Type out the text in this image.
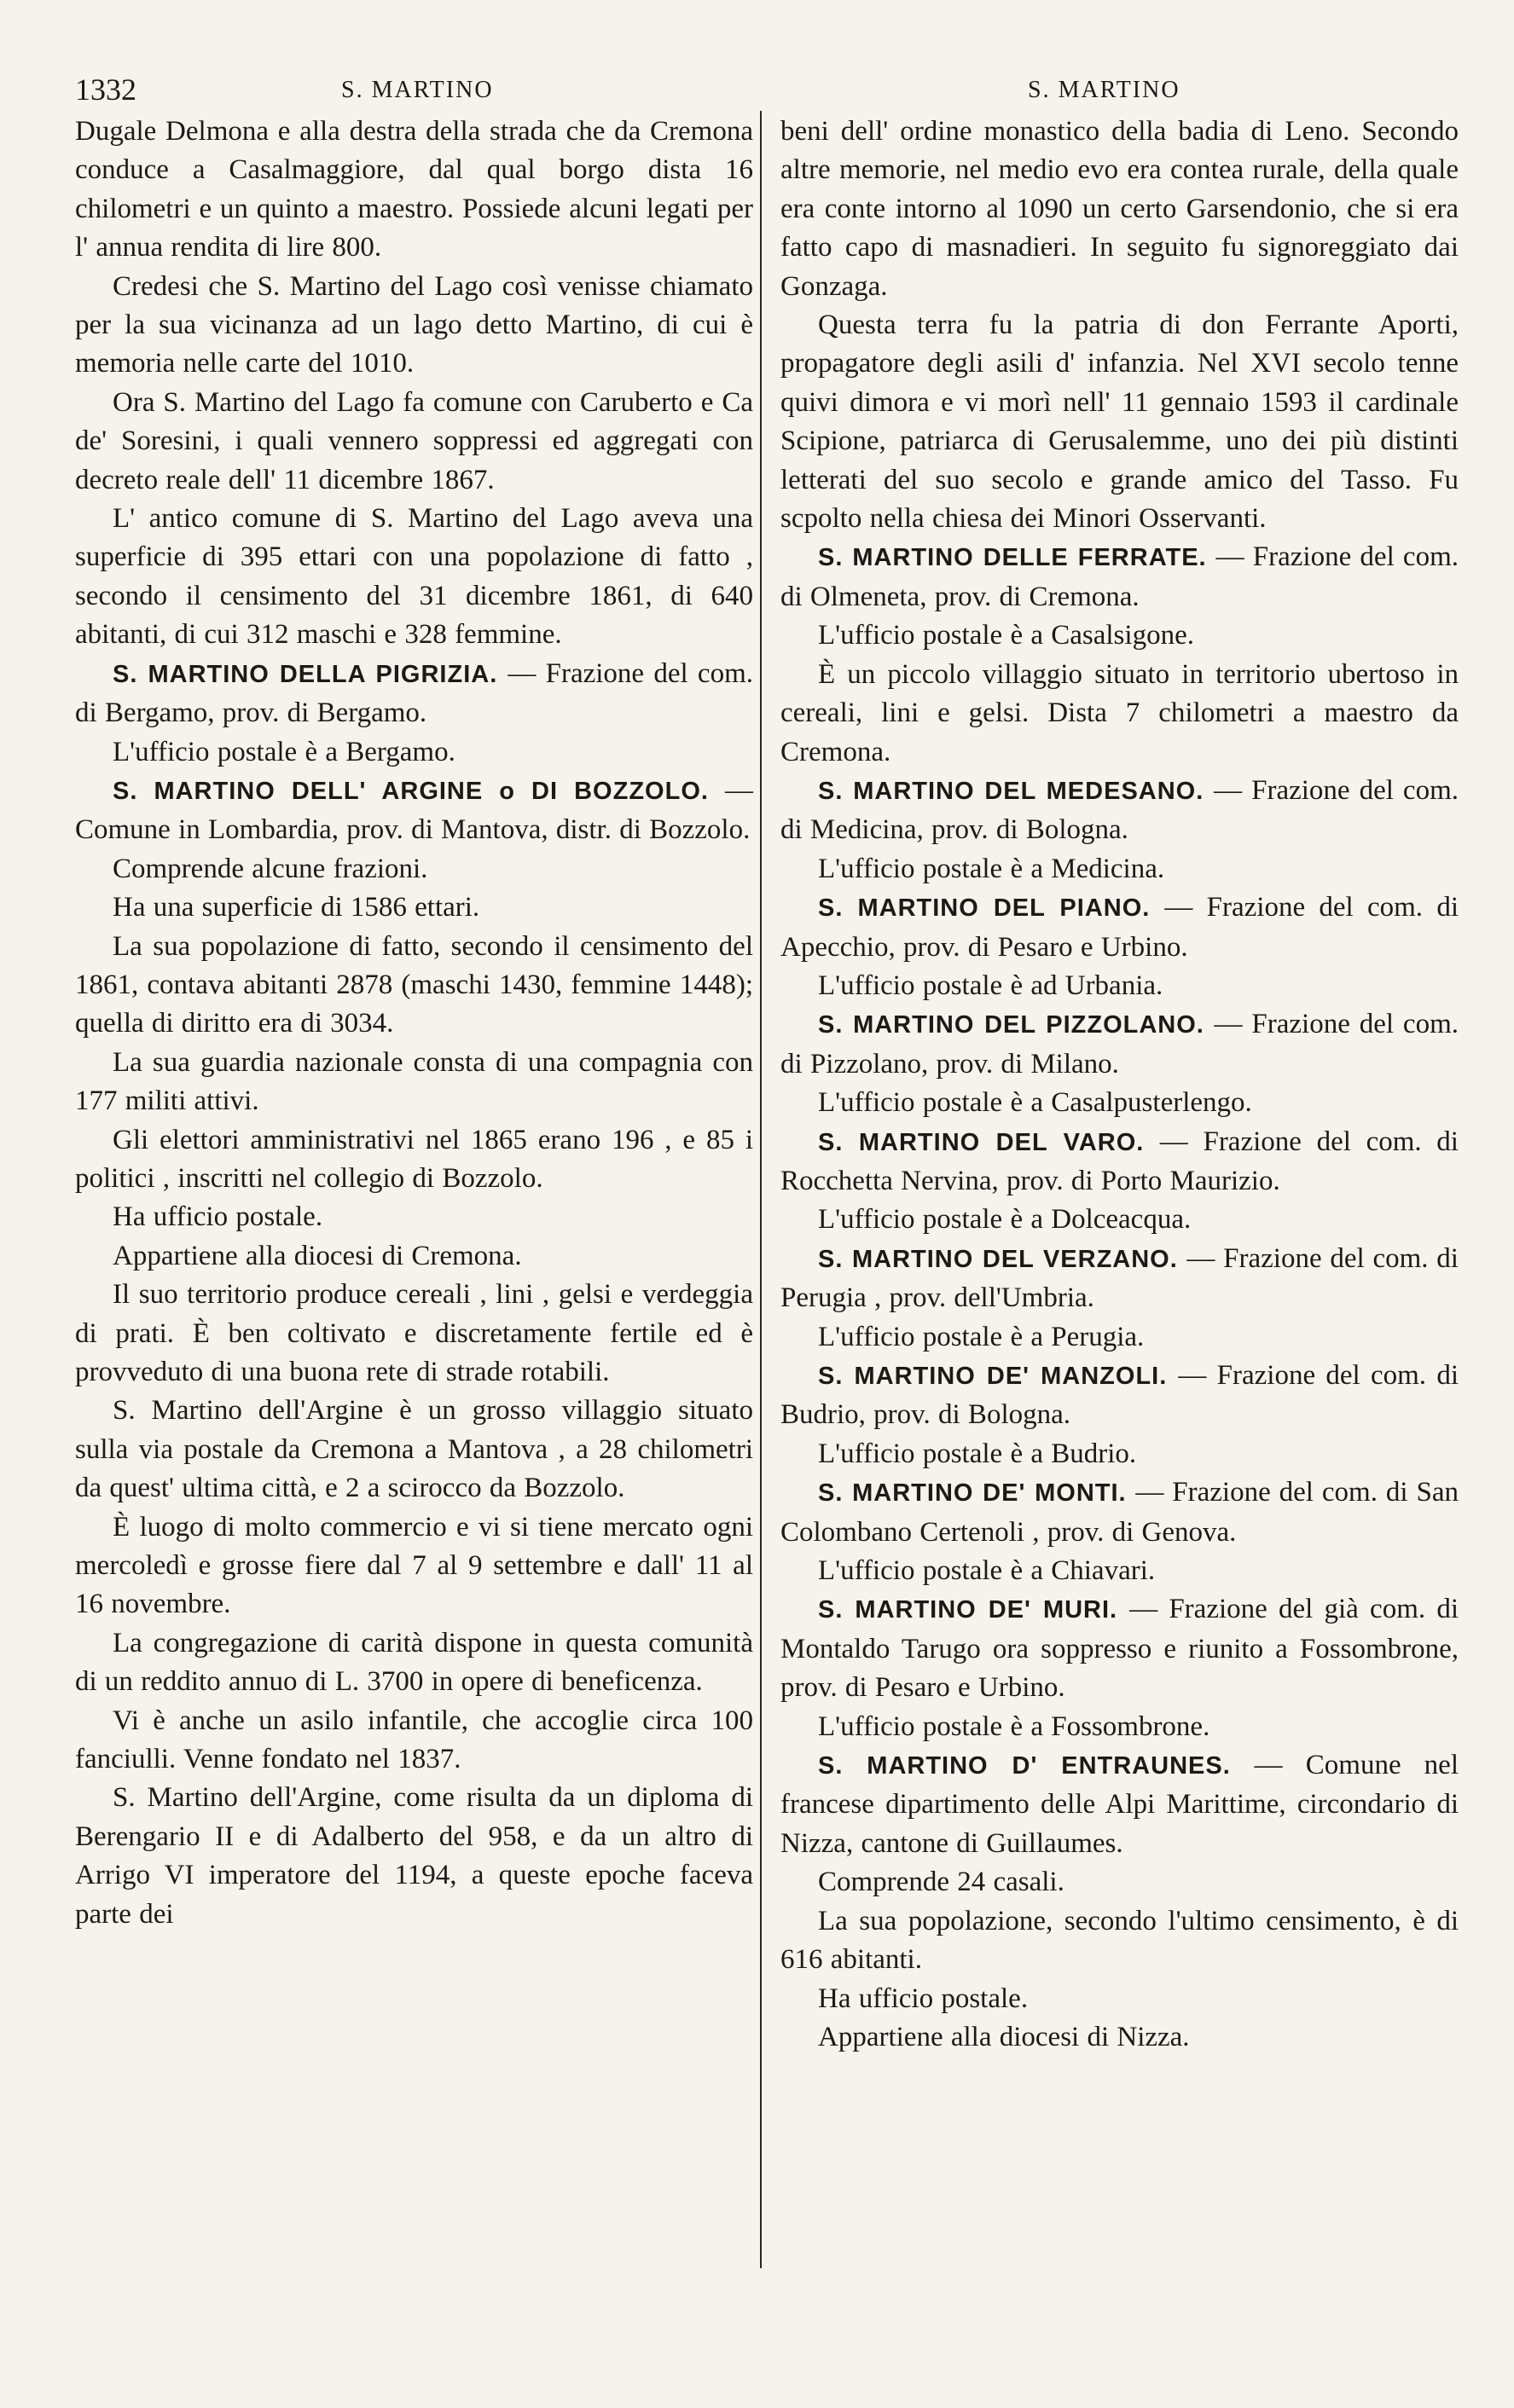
1332	S. MARTINO	S. MARTINO

Dugale Delmona e alla destra della strada che da Cremona conduce a Casalmaggiore, dal qual borgo dista 16 chilometri e un quinto a maestro. Possiede alcuni legati per l' annua rendita di lire 800.

Credesi che S. Martino del Lago così venisse chiamato per la sua vicinanza ad un lago detto Martino, di cui è memoria nelle carte del 1010.

Ora S. Martino del Lago fa comune con Caruberto e Ca de' Soresini, i quali vennero soppressi ed aggregati con decreto reale dell' 11 dicembre 1867.

L' antico comune di S. Martino del Lago aveva una superficie di 395 ettari con una popolazione di fatto , secondo il censimento del 31 dicembre 1861, di 640 abitanti, di cui 312 maschi e 328 femmine.

S. MARTINO DELLA PIGRIZIA. — Frazione del com. di Bergamo, prov. di Bergamo.

L'ufficio postale è a Bergamo.

S. MARTINO DELL' ARGINE o DI BOZZOLO. — Comune in Lombardia, prov. di Mantova, distr. di Bozzolo.

Comprende alcune frazioni.

Ha una superficie di 1586 ettari.

La sua popolazione di fatto, secondo il censimento del 1861, contava abitanti 2878 (maschi 1430, femmine 1448); quella di diritto era di 3034.

La sua guardia nazionale consta di una compagnia con 177 militi attivi.

Gli elettori amministrativi nel 1865 erano 196 , e 85 i politici , inscritti nel collegio di Bozzolo.

Ha ufficio postale.

Appartiene alla diocesi di Cremona.

Il suo territorio produce cereali , lini , gelsi e verdeggia di prati. È ben coltivato e discretamente fertile ed è provveduto di una buona rete di strade rotabili.

S. Martino dell'Argine è un grosso villaggio situato sulla via postale da Cremona a Mantova , a 28 chilometri da quest' ultima città, e 2 a scirocco da Bozzolo.

È luogo di molto commercio e vi si tiene mercato ogni mercoledì e grosse fiere dal 7 al 9 settembre e dall' 11 al 16 novembre.

La congregazione di carità dispone in questa comunità di un reddito annuo di L. 3700 in opere di beneficenza.

Vi è anche un asilo infantile, che accoglie circa 100 fanciulli. Venne fondato nel 1837.

S. Martino dell'Argine, come risulta da un diploma di Berengario II e di Adalberto del 958, e da un altro di Arrigo VI imperatore del 1194, a queste epoche faceva parte dei

beni dell' ordine monastico della badia di Leno. Secondo altre memorie, nel medio evo era contea rurale, della quale era conte intorno al 1090 un certo Garsendonio, che si era fatto capo di masnadieri. In seguito fu signoreggiato dai Gonzaga.

Questa terra fu la patria di don Ferrante Aporti, propagatore degli asili d' infanzia. Nel XVI secolo tenne quivi dimora e vi morì nell' 11 gennaio 1593 il cardinale Scipione, patriarca di Gerusalemme, uno dei più distinti letterati del suo secolo e grande amico del Tasso. Fu scpolto nella chiesa dei Minori Osservanti.

S. MARTINO DELLE FERRATE. — Frazione del com. di Olmeneta, prov. di Cremona.

L'ufficio postale è a Casalsigone.

È un piccolo villaggio situato in territorio ubertoso in cereali, lini e gelsi. Dista 7 chilometri a maestro da Cremona.

S. MARTINO DEL MEDESANO. — Frazione del com. di Medicina, prov. di Bologna.

L'ufficio postale è a Medicina.

S. MARTINO DEL PIANO. — Frazione del com. di Apecchio, prov. di Pesaro e Urbino.

L'ufficio postale è ad Urbania.

S. MARTINO DEL PIZZOLANO. — Frazione del com. di Pizzolano, prov. di Milano.

L'ufficio postale è a Casalpusterlengo.

S. MARTINO DEL VARO. — Frazione del com. di Rocchetta Nervina, prov. di Porto Maurizio.

L'ufficio postale è a Dolceacqua.

S. MARTINO DEL VERZANO. — Frazione del com. di Perugia , prov. dell'Umbria.

L'ufficio postale è a Perugia.

S. MARTINO DE' MANZOLI. — Frazione del com. di Budrio, prov. di Bologna.

L'ufficio postale è a Budrio.

S. MARTINO DE' MONTI. — Frazione del com. di San Colombano Certenoli , prov. di Genova.

L'ufficio postale è a Chiavari.

S. MARTINO DE' MURI. — Frazione del già com. di Montaldo Tarugo ora soppresso e riunito a Fossombrone, prov. di Pesaro e Urbino.

L'ufficio postale è a Fossombrone.

S. MARTINO D' ENTRAUNES. — Comune nel francese dipartimento delle Alpi Marittime, circondario di Nizza, cantone di Guillaumes.

Comprende 24 casali.

La sua popolazione, secondo l'ultimo censimento, è di 616 abitanti.

Ha ufficio postale.

Appartiene alla diocesi di Nizza.
